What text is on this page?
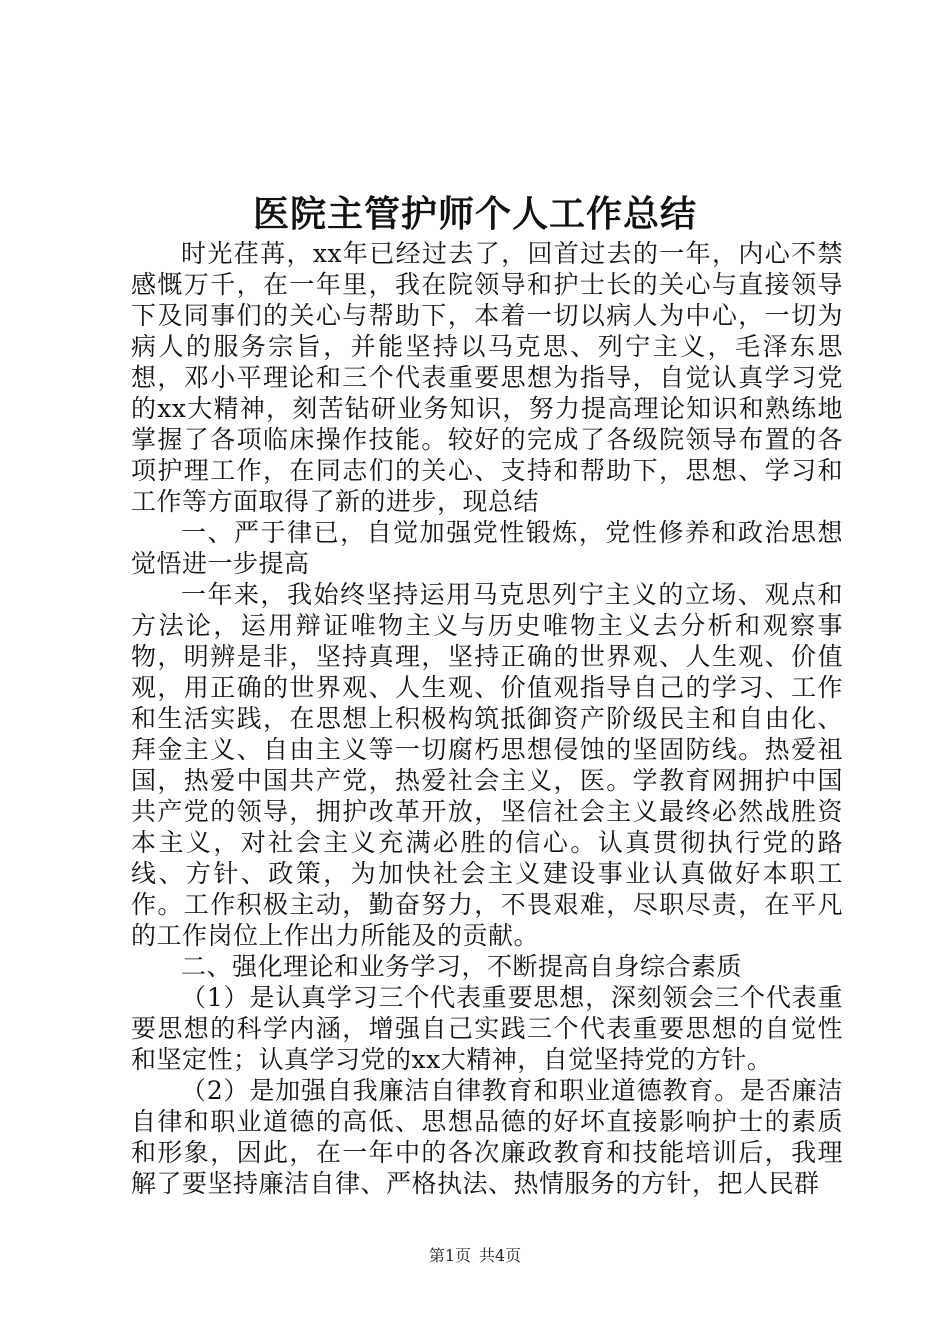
医院主管护师个人工作总结

时光荏苒，xx年已经过去了，回首过去的一年，内心不禁感慨万千，在一年里，我在院领导和护士长的关心与直接领导下及同事们的关心与帮助下，本着一切以病人为中心，一切为病人的服务宗旨，并能坚持以马克思、列宁主义，毛泽东思想，邓小平理论和三个代表重要思想为指导，自觉认真学习党的xx大精神，刻苦钻研业务知识，努力提高理论知识和熟练地掌握了各项临床操作技能。较好的完成了各级院领导布置的各项护理工作，在同志们的关心、支持和帮助下，思想、学习和工作等方面取得了新的进步，现总结

一、严于律已，自觉加强党性锻炼，党性修养和政治思想觉悟进一步提高

一年来，我始终坚持运用马克思列宁主义的立场、观点和方法论，运用辩证唯物主义与历史唯物主义去分析和观察事物，明辨是非，坚持真理，坚持正确的世界观、人生观、价值观，用正确的世界观、人生观、价值观指导自己的学习、工作和生活实践，在思想上积极构筑抵御资产阶级民主和自由化、拜金主义、自由主义等一切腐朽思想侵蚀的坚固防线。热爱祖国，热爱中国共产党，热爱社会主义，医。学教育网拥护中国共产党的领导，拥护改革开放，坚信社会主义最终必然战胜资本主义，对社会主义充满必胜的信心。认真贯彻执行党的路线、方针、政策，为加快社会主义建设事业认真做好本职工作。工作积极主动，勤奋努力，不畏艰难，尽职尽责，在平凡的工作岗位上作出力所能及的贡献。

二、强化理论和业务学习，不断提高自身综合素质

（1）是认真学习三个代表重要思想，深刻领会三个代表重要思想的科学内涵，增强自己实践三个代表重要思想的自觉性和坚定性；认真学习党的xx大精神，自觉坚持党的方针。

（2）是加强自我廉洁自律教育和职业道德教育。是否廉洁自律和职业道德的高低、思想品德的好坏直接影响护士的素质和形象，因此，在一年中的各次廉政教育和技能培训后，我理解了要坚持廉洁自律、严格执法、热情服务的方针，把人民群

第1页 共4页
